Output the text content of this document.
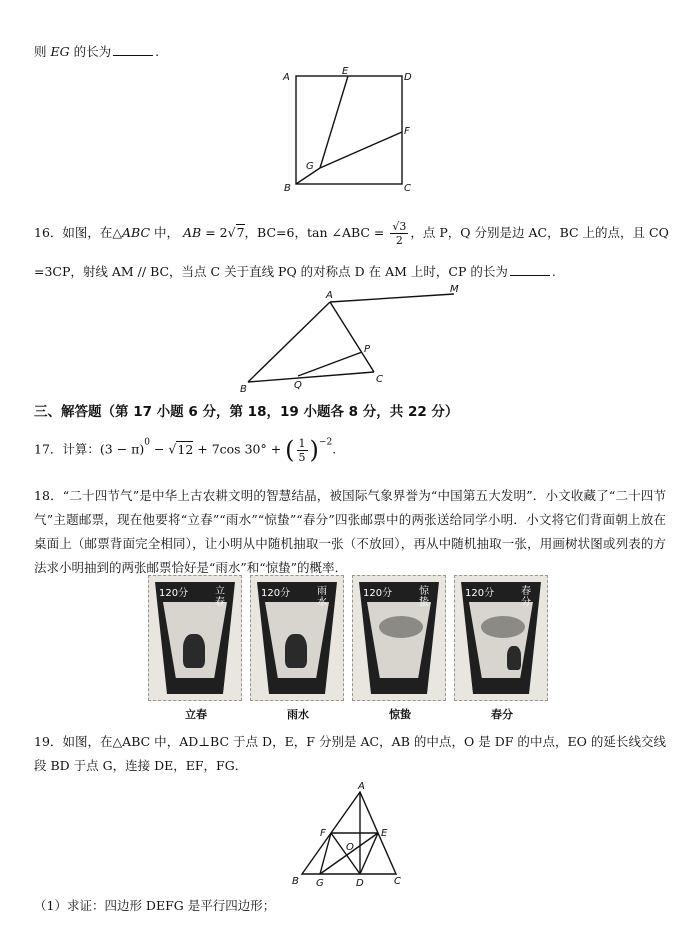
则 EG 的长为	.
A
E
D
F
G
B	C
16．如图，在△ABC 中， AB = 2√7，BC=6，tan ∠ABC = $\frac{√3}{2}$ ，点 P，Q 分别是边 AC，BC 上的点，且 CQ
=3CP，射线 AM // BC，当点 C 关于直线 PQ 的对称点 D 在 AM 上时，CP 的长为	.
A
M
P
B	Q
C
三、解答题（第 17 小题 6 分，第 18，19 小题各 8 分，共 22 分）
17．计算：$(3 - \pi)^0 - √12 + 7\cos$ 30° + ( $\frac{1}{5} )^{-2}$.
18．“二十四节气”是中华上古农耕文明的智慧结晶，被国际气象界誉为“中国第五大发明”．小文收藏了“二十四节气”主题邮票，现在他要将“立春”“雨水”“惊蛰”“春分”四张邮票中的两张送给同学小明．小文将它们背面朝上放在桌面上（邮票背面完全相同），让小明从中随机抽取一张（不放回），再从中随机抽取一张，用画树状图或列表的方法求小明抽到的两张邮票恰好是“雨水”和“惊蛰”的概率．
120分	立春
立春
120分	雨水
雨水
120分	惊蛰
惊蛰
120分	春分
春分
19．如图，在△ABC 中，AD⊥BC 于点 D，E，F 分别是 AC，AB 的中点，O 是 DF 的中点，EO 的延长线交线段 BD 于点 G，连接 DE，EF，FG．
A
F	E
O
B G	D	C
（1）求证：四边形 DEFG 是平行四边形；
